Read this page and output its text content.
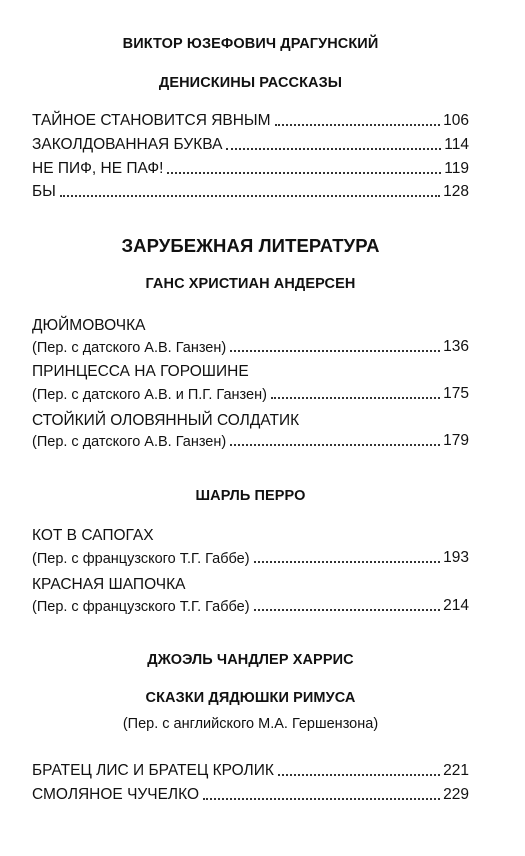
ВИКТОР ЮЗЕФОВИЧ ДРАГУНСКИЙ
ДЕНИСКИНЫ РАССКАЗЫ
ТАЙНОЕ СТАНОВИТСЯ ЯВНЫМ	106
ЗАКОЛДОВАННАЯ БУКВА	114
НЕ ПИФ, НЕ ПАФ!	119
БЫ	128
ЗАРУБЕЖНАЯ ЛИТЕРАТУРА
ГАНС ХРИСТИАН АНДЕРСЕН
ДЮЙМОВОЧКА
(Пер. с датского А.В. Ганзен)	136
ПРИНЦЕССА НА ГОРОШИНЕ
(Пер. с датского А.В. и П.Г. Ганзен)	175
СТОЙКИЙ ОЛОВЯННЫЙ СОЛДАТИК
(Пер. с датского А.В. Ганзен)	179
ШАРЛЬ ПЕРРО
КОТ В САПОГАХ
(Пер. с французского Т.Г. Габбе)	193
КРАСНАЯ ШАПОЧКА
(Пер. с французского Т.Г. Габбе)	214
ДЖОЭЛЬ ЧАНДЛЕР ХАРРИС
СКАЗКИ ДЯДЮШКИ РИМУСА
(Пер. с английского М.А. Гершензона)
БРАТЕЦ ЛИС И БРАТЕЦ КРОЛИК	221
СМОЛЯНОЕ ЧУЧЕЛКО	229
